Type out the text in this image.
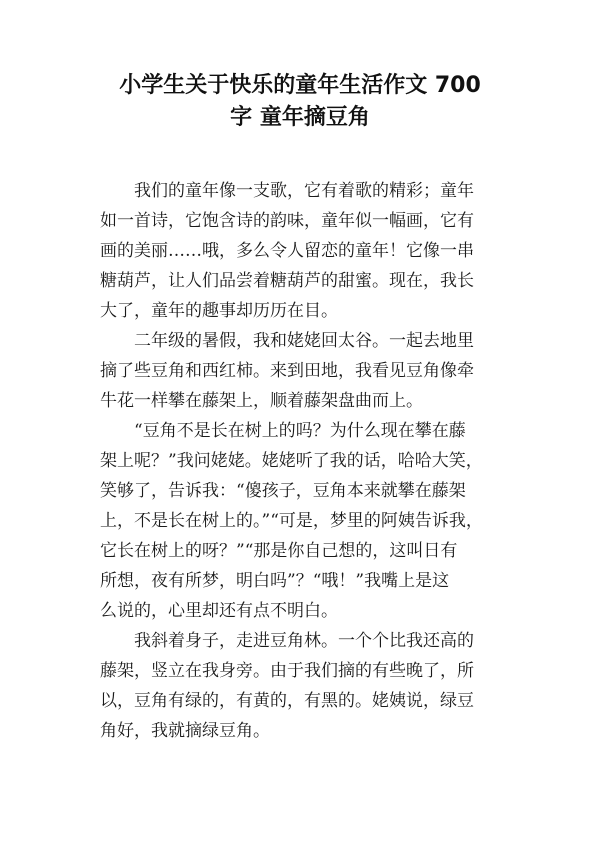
小学生关于快乐的童年生活作文 700
字 童年摘豆角

我们的童年像一支歌，它有着歌的精彩；童年
如一首诗，它饱含诗的韵味，童年似一幅画，它有
画的美丽……哦，多么令人留恋的童年！它像一串
糖葫芦，让人们品尝着糖葫芦的甜蜜。现在，我长
大了，童年的趣事却历历在目。

二年级的暑假，我和姥姥回太谷。一起去地里
摘了些豆角和西红柿。来到田地，我看见豆角像牵
牛花一样攀在藤架上，顺着藤架盘曲而上。

“豆角不是长在树上的吗？为什么现在攀在藤
架上呢？”我问姥姥。姥姥听了我的话，哈哈大笑，
笑够了，告诉我：“傻孩子，豆角本来就攀在藤架
上，不是长在树上的。”“可是，梦里的阿姨告诉我，
它长在树上的呀？”“那是你自己想的，这叫日有
所想，夜有所梦，明白吗”？“哦！”我嘴上是这
么说的，心里却还有点不明白。

我斜着身子，走进豆角林。一个个比我还高的
藤架，竖立在我身旁。由于我们摘的有些晚了，所
以，豆角有绿的，有黄的，有黑的。姥姨说，绿豆
角好，我就摘绿豆角。
